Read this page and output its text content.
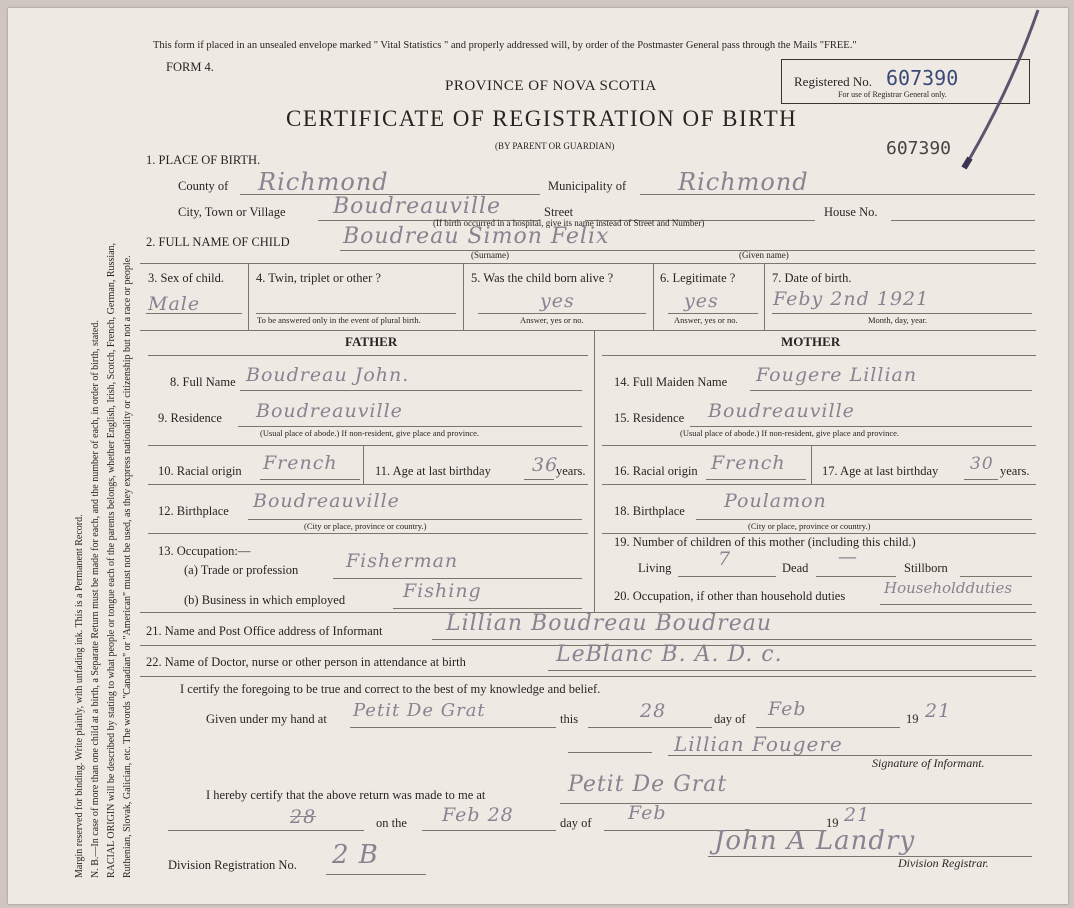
Margin reserved for binding. Write plainly, with unfading ink. This is a Permanent Record. N. B.—In case of more than one child at a birth, a Separate Return must be made for each, and the number of each, in order of birth, stated. RACIAL ORIGIN will be described by stating to what people or tongue each of the parents belongs, whether English, Irish, Scotch, French, German, Russian, Ruthenian, Slovak, Galician, etc. The words "Canadian" or "American" must not be used, as they express nationality or citizenship but not a race or people.
This form if placed in an unsealed envelope marked " Vital Statistics " and properly addressed will, by order of the Postmaster General pass through the Mails "FREE."
FORM 4.
PROVINCE OF NOVA SCOTIA
CERTIFICATE OF REGISTRATION OF BIRTH
(BY PARENT OR GUARDIAN)
Registered No. 607390
For use of Registrar General only.
607390
1. PLACE OF BIRTH.
County of Richmond	Municipality of Richmond
City, Town or Village Boudreauville	Street	House No.
(If birth occurred in a hospital, give its name instead of Street and Number)
2. FULL NAME OF CHILD Boudreau Simon Felix
(Surname)	(Given name)
3. Sex of child.
Male
4. Twin, triplet or other ?
To be answered only in the event of plural birth.
5. Was the child born alive ?
yes
Answer, yes or no.
6. Legitimate ?
yes
Answer, yes or no.
7. Date of birth.
Feby 2nd 1921
Month, day, year.
FATHER	MOTHER
8. Full Name Boudreau John.
9. Residence Boudreauville
(Usual place of abode.) If non-resident, give place and province.
10. Racial origin French	11. Age at last birthday 36
years.
12. Birthplace Boudreauville
(City or place, province or country.)
13. Occupation:—
(a) Trade or profession	Fisherman
(b) Business in which employed	Fishing
14. Full Maiden Name Fougere Lillian
15. Residence Boudreauville
(Usual place of abode.) If non-resident, give place and province.
16. Racial origin French	17. Age at last birthday 30 years.
18. Birthplace Poulamon
(City or place, province or country.)
19. Number of children of this mother (including this child.)
Living 7	Dead —	Stillborn
20. Occupation, if other than household duties	Householdduties
21. Name and Post Office address of Informant	Lillian Boudreau Boudreau
22. Name of Doctor, nurse or other person in attendance at birth	LeBlanc B. A. D. c.
I certify the foregoing to be true and correct to the best of my knowledge and belief.
Given under my hand at Petit De Grat	this	28	day of Feb	19 21
Lillian Fougere
Signature of Informant.
I hereby certify that the above return was made to me at	Petit De Grat
28	on the Feb 28	day of Feb	19 21
Division Registration No. 2 B	John A Landry
Division Registrar.
